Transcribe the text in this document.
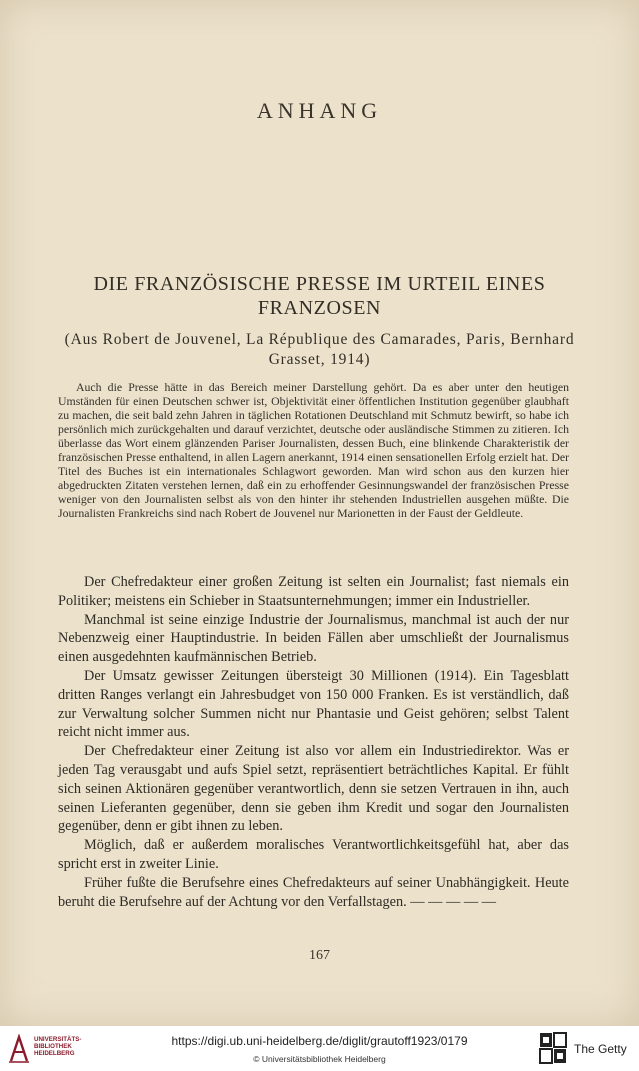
ANHANG
DIE FRANZÖSISCHE PRESSE IM URTEIL EINES FRANZOSEN
(Aus Robert de Jouvenel, La République des Camarades, Paris, Bernhard Grasset, 1914)

Auch die Presse hätte in das Bereich meiner Darstellung gehört. Da es aber unter den heutigen Umständen für einen Deutschen schwer ist, Objektivität einer öffentlichen Institution gegenüber glaubhaft zu machen, die seit bald zehn Jahren in täglichen Rotationen Deutschland mit Schmutz bewirft, so habe ich persönlich mich zurückgehalten und darauf verzichtet, deutsche oder ausländische Stimmen zu zitieren. Ich überlasse das Wort einem glänzenden Pariser Journalisten, dessen Buch, eine blinkende Charakteristik der französischen Presse enthaltend, in allen Lagern anerkannt, 1914 einen sensationellen Erfolg erzielt hat. Der Titel des Buches ist ein internationales Schlagwort geworden. Man wird schon aus den kurzen hier abgedruckten Zitaten verstehen lernen, daß ein zu erhoffender Gesinnungswandel der französischen Presse weniger von den Journalisten selbst als von den hinter ihr stehenden Industriellen ausgehen müßte. Die Journalisten Frankreichs sind nach Robert de Jouvenel nur Marionetten in der Faust der Geldleute.

Der Chefredakteur einer großen Zeitung ist selten ein Journalist; fast niemals ein Politiker; meistens ein Schieber in Staatsunternehmungen; immer ein Industrieller.

Manchmal ist seine einzige Industrie der Journalismus, manchmal ist auch der nur Nebenzweig einer Hauptindustrie. In beiden Fällen aber umschließt der Journalismus einen ausgedehnten kaufmännischen Betrieb.

Der Umsatz gewisser Zeitungen übersteigt 30 Millionen (1914). Ein Tagesblatt dritten Ranges verlangt ein Jahresbudget von 150 000 Franken. Es ist verständlich, daß zur Verwaltung solcher Summen nicht nur Phantasie und Geist gehören; selbst Talent reicht nicht immer aus.

Der Chefredakteur einer Zeitung ist also vor allem ein Industriedirektor. Was er jeden Tag verausgabt und aufs Spiel setzt, repräsentiert beträchtliches Kapital. Er fühlt sich seinen Aktionären gegenüber verantwortlich, denn sie setzen Vertrauen in ihn, auch seinen Lieferanten gegenüber, denn sie geben ihm Kredit und sogar den Journalisten gegenüber, denn er gibt ihnen zu leben.

Möglich, daß er außerdem moralisches Verantwortlichkeitsgefühl hat, aber das spricht erst in zweiter Linie.

Früher fußte die Berufsehre eines Chefredakteurs auf seiner Unabhängigkeit. Heute beruht die Berufsehre auf der Achtung vor den Verfallstagen. — — — — —

167
UNIVERSITÄTS-
BIBLIOTHEK
HEIDELBERG
https://digi.ub.uni-heidelberg.de/diglit/grautoff1923/0179
© Universitätsbibliothek Heidelberg
The Getty
